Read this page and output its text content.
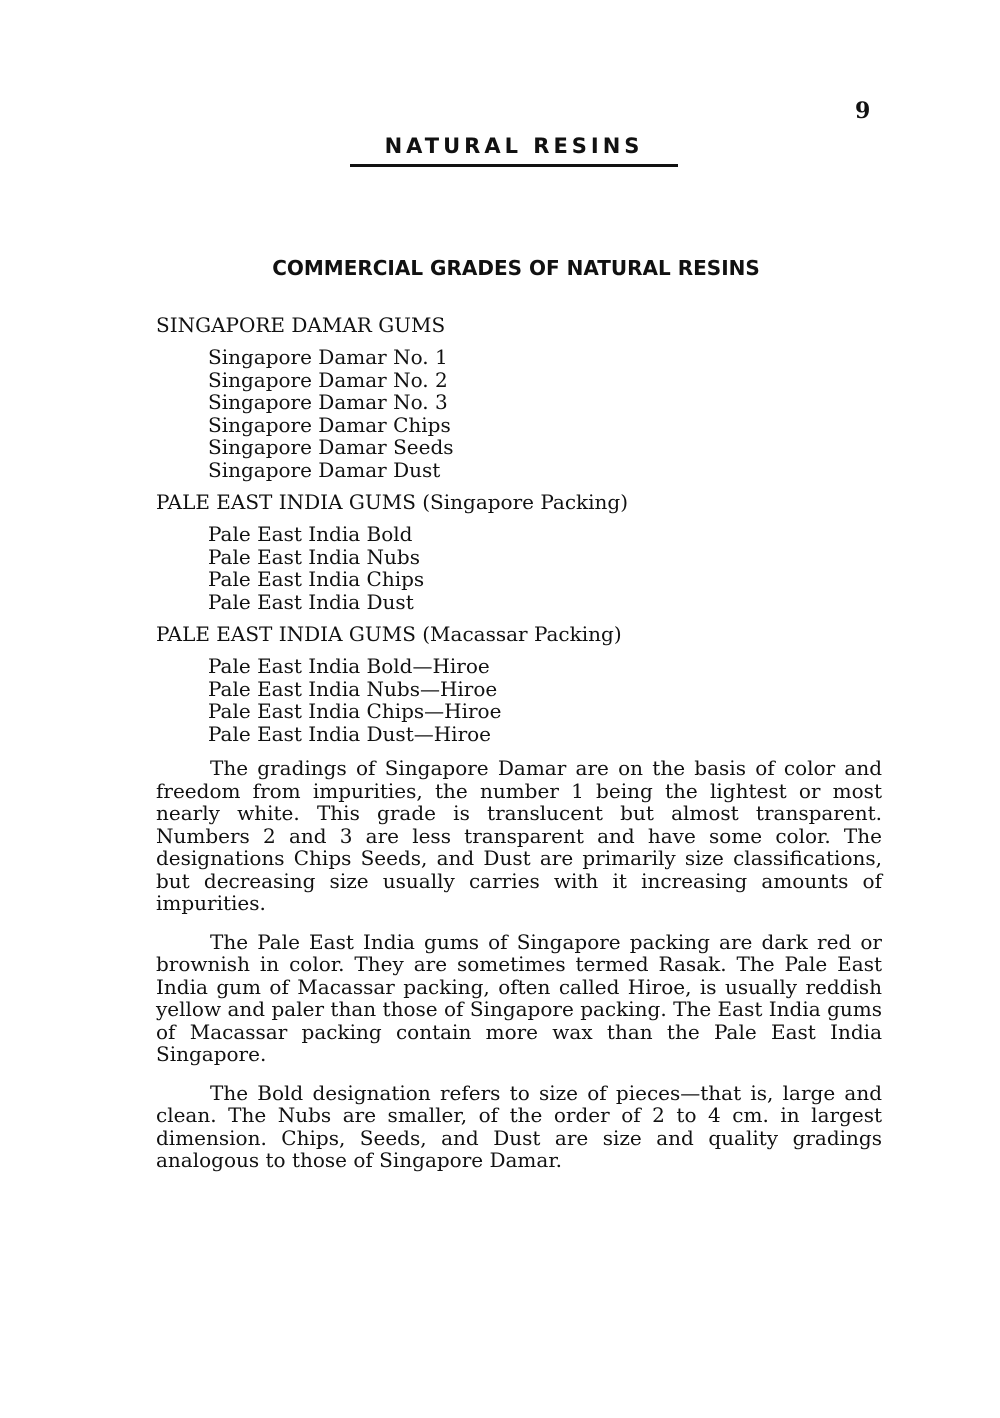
9
NATURAL RESINS
COMMERCIAL GRADES OF NATURAL RESINS

SINGAPORE DAMAR GUMS

Singapore Damar No. 1
Singapore Damar No. 2
Singapore Damar No. 3
Singapore Damar Chips
Singapore Damar Seeds
Singapore Damar Dust

PALE EAST INDIA GUMS (Singapore Packing)

Pale East India Bold
Pale East India Nubs
Pale East India Chips
Pale East India Dust

PALE EAST INDIA GUMS (Macassar Packing)

Pale East India Bold—Hiroe
Pale East India Nubs—Hiroe
Pale East India Chips—Hiroe
Pale East India Dust—Hiroe

The gradings of Singapore Damar are on the basis of color and freedom from impurities, the number 1 being the lightest or most nearly white. This grade is translucent but almost transparent. Numbers 2 and 3 are less transparent and have some color. The designations Chips Seeds, and Dust are primarily size classifications, but decreasing size usually carries with it increasing amounts of impurities.

The Pale East India gums of Singapore packing are dark red or brownish in color. They are sometimes termed Rasak. The Pale East India gum of Macassar packing, often called Hiroe, is usually reddish yellow and paler than those of Singapore packing. The East India gums of Macassar packing contain more wax than the Pale East India Singapore.

The Bold designation refers to size of pieces—that is, large and clean. The Nubs are smaller, of the order of 2 to 4 cm. in largest dimension. Chips, Seeds, and Dust are size and quality gradings analogous to those of Singapore Damar.
